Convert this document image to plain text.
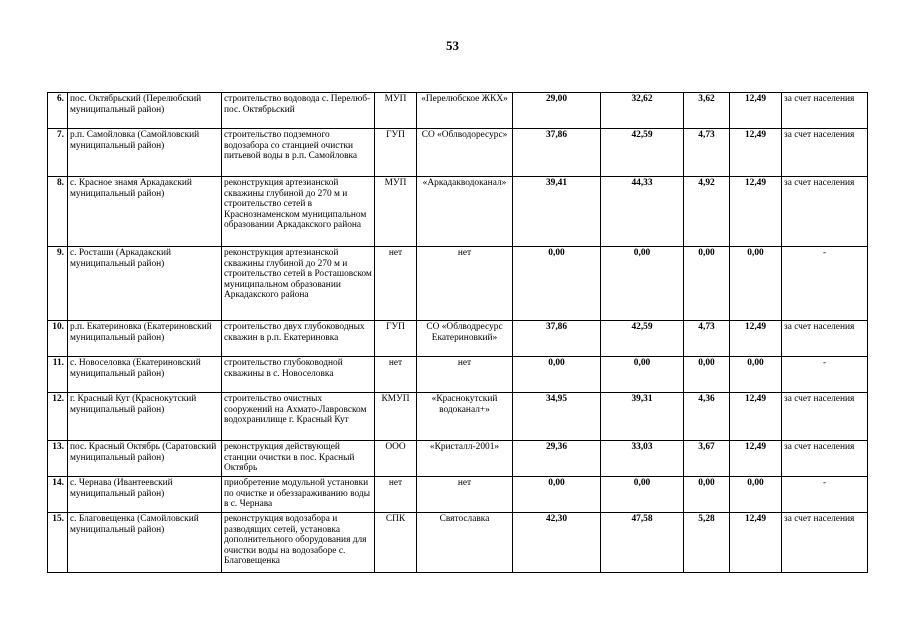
53
6.	пос. Октябрьский (Перелюбский муниципальный район)	строительство водовода с. Перелюб-пос. Октябрьский	МУП	«Перелюбское ЖКХ»	29,00	32,62	3,62	12,49	за счет населения
7.	р.п. Самойловка (Самойловский муниципальный район)	строительство подземного водозабора со станцией очистки питьевой воды в р.п. Самойловка	ГУП	СО «Облводоресурс»	37,86	42,59	4,73	12,49	за счет населения
8.	с. Красное знамя Аркадакский муниципальный район)	реконструкция артезианской скважины глубиной до 270 м и строительство сетей в Краснознаменском муниципальном образовании Аркадакского района	МУП	«Аркадакводоканал»	39,41	44,33	4,92	12,49	за счет населения
9.	с. Росташи (Аркадакский муниципальный район)	реконструкция артезианской скважины глубиной до 270 м и строительство сетей в Росташовском муниципальном образовании Аркадакского района	нет	нет	0,00	0,00	0,00	0,00	-
10.	р.п. Екатериновка (Екатериновский муниципальный район)	строительство двух глубоководных скважин в р.п. Екатериновка	ГУП	СО «Облводресурс Екатериновкий»	37,86	42,59	4,73	12,49	за счет населения
11.	с. Новоселовка (Екатериновский муниципальный район)	строительство глубоководной скважины в с. Новоселовка	нет	нет	0,00	0,00	0,00	0,00	-
12.	г. Красный Кут (Краснокутский муниципальный район)	строительство очистных сооружений на Ахмато-Лавровском водохранилище г. Красный Кут	КМУП	«Краснокутский водоканал+»	34,95	39,31	4,36	12,49	за счет населения
13.	пос. Красный Октябрь (Саратовский муниципальный район)	реконструкция действующей станции очистки в пос. Красный Октябрь	ООО	«Кристалл-2001»	29,36	33,03	3,67	12,49	за счет населения
14.	с. Чернава (Ивантеевский муниципальный район)	приобретение модульной установки по очистке и обеззараживанию воды в с. Чернава	нет	нет	0,00	0,00	0,00	0,00	-
15.	с. Благовещенка (Самойловский муниципальный район)	реконструкция водозабора и разводящих сетей, установка дополнительного оборудования для очистки воды на водозаборе с. Благовещенка	СПК	Святославка	42,30	47,58	5,28	12,49	за счет населения
